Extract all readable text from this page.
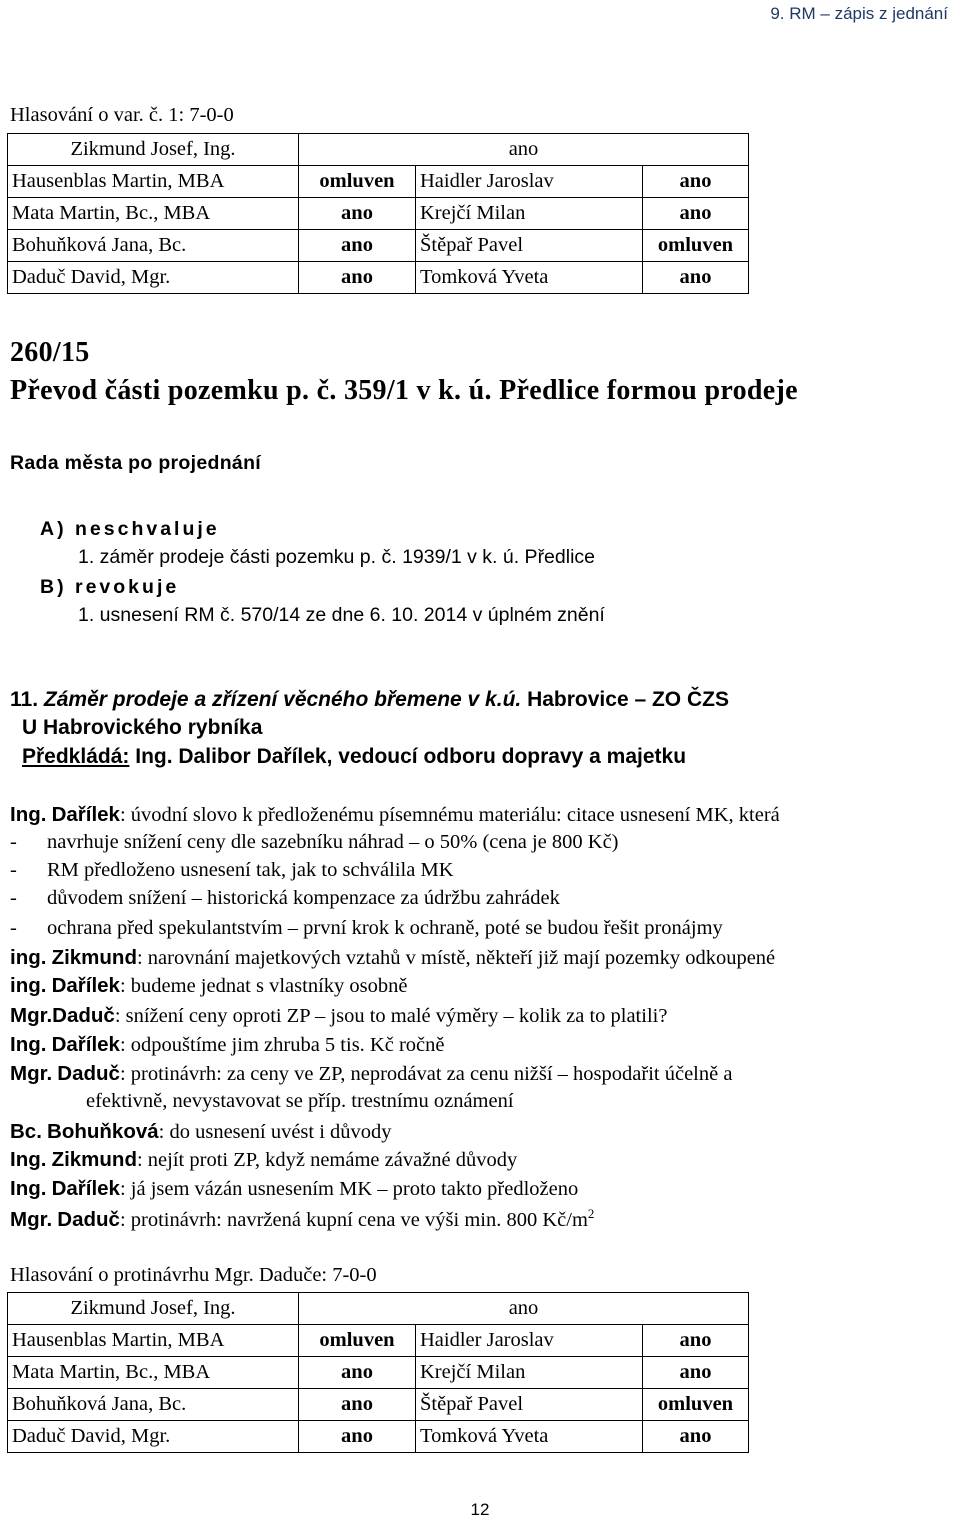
9. RM – zápis z jednání
Hlasování o var. č. 1: 7-0-0
Zikmund Josef, Ing.	ano		
Hausenblas Martin, MBA	omluven	Haidler Jaroslav	ano
Mata Martin, Bc., MBA	ano	Krejčí Milan	ano
Bohuňková Jana, Bc.	ano	Štěpař Pavel	omluven
Daduč David, Mgr.	ano	Tomková Yveta	ano
260/15
Převod části pozemku p. č. 359/1 v k. ú. Předlice formou prodeje
Rada města po projednání
A) neschvaluje
1. záměr prodeje části pozemku p. č. 1939/1 v k. ú. Předlice
B) revokuje
1. usnesení RM č. 570/14 ze dne 6. 10. 2014 v úplném znění
11. Záměr prodeje a zřízení věcného břemene v k.ú. Habrovice – ZO ČZS
U Habrovického rybníka
Předkládá: Ing. Dalibor Dařílek, vedoucí odboru dopravy a majetku
Ing. Dařílek: úvodní slovo k předloženému písemnému materiálu: citace usnesení MK, která
- navrhuje snížení ceny dle sazebníku náhrad – o 50% (cena je 800 Kč)
- RM předloženo usnesení tak, jak to schválila MK
- důvodem snížení – historická kompenzace za údržbu zahrádek
- ochrana před spekulantstvím – první krok k ochraně, poté se budou řešit pronájmy
ing. Zikmund: narovnání majetkových vztahů v místě, někteří již mají pozemky odkoupené
ing. Dařílek: budeme jednat s vlastníky osobně
Mgr.Daduč: snížení ceny oproti ZP – jsou to malé výměry – kolik za to platili?
Ing. Dařílek: odpouštíme jim zhruba 5 tis. Kč ročně
Mgr. Daduč: protinávrh: za ceny ve ZP, neprodávat za cenu nižší – hospodařit účelně a
efektivně, nevystavovat se příp. trestnímu oznámení
Bc. Bohuňková: do usnesení uvést i důvody
Ing. Zikmund: nejít proti ZP, když nemáme závažné důvody
Ing. Dařílek: já jsem vázán usnesením MK – proto takto předloženo
Mgr. Daduč: protinávrh: navržená kupní cena ve výši min. 800 $Kč/m^2$
Hlasování o protinávrhu Mgr. Daduče: 7-0-0
Zikmund Josef, Ing.	ano		
Hausenblas Martin, MBA	omluven	Haidler Jaroslav	ano
Mata Martin, Bc., MBA	ano	Krejčí Milan	ano
Bohuňková Jana, Bc.	ano	Štěpař Pavel	omluven
Daduč David, Mgr.	ano	Tomková Yveta	ano
12
